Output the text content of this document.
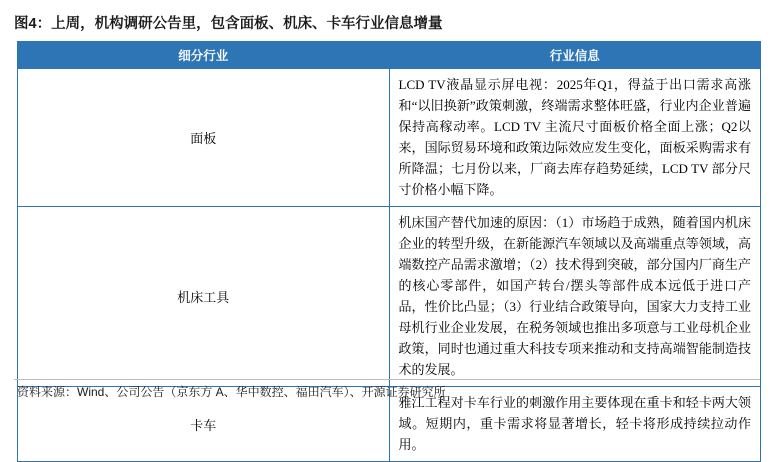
图4：上周，机构调研公告里，包含面板、机床、卡车行业信息增量
细分行业	行业信息
面板	LCD TV液晶显示屏电视：2025年Q1，得益于出口需求高涨和“以旧换新”政策刺激，终端需求整体旺盛，行业内企业普遍保持高稼动率。LCD TV 主流尺寸面板价格全面上涨；Q2以来，国际贸易环境和政策边际效应发生变化，面板采购需求有所降温；七月份以来，厂商去库存趋势延续，LCD TV 部分尺寸价格小幅下降。
机床工具	机床国产替代加速的原因：（1）市场趋于成熟，随着国内机床企业的转型升级，在新能源汽车领域以及高端重点等领域，高端数控产品需求激增；（2）技术得到突破，部分国内厂商生产的核心零部件，如国产转台/摆头等部件成本远低于进口产品，性价比凸显；（3）行业结合政策导向，国家大力支持工业母机行业企业发展，在税务领域也推出多项意与工业母机企业政策，同时也通过重大科技专项来推动和支持高端智能制造技术的发展。
卡车	雅江工程对卡车行业的刺激作用主要体现在重卡和轻卡两大领域。短期内，重卡需求将显著增长，轻卡将形成持续拉动作用。
资料来源：Wind、公司公告（京东方 A、华中数控、福田汽车）、开源证券研究所
